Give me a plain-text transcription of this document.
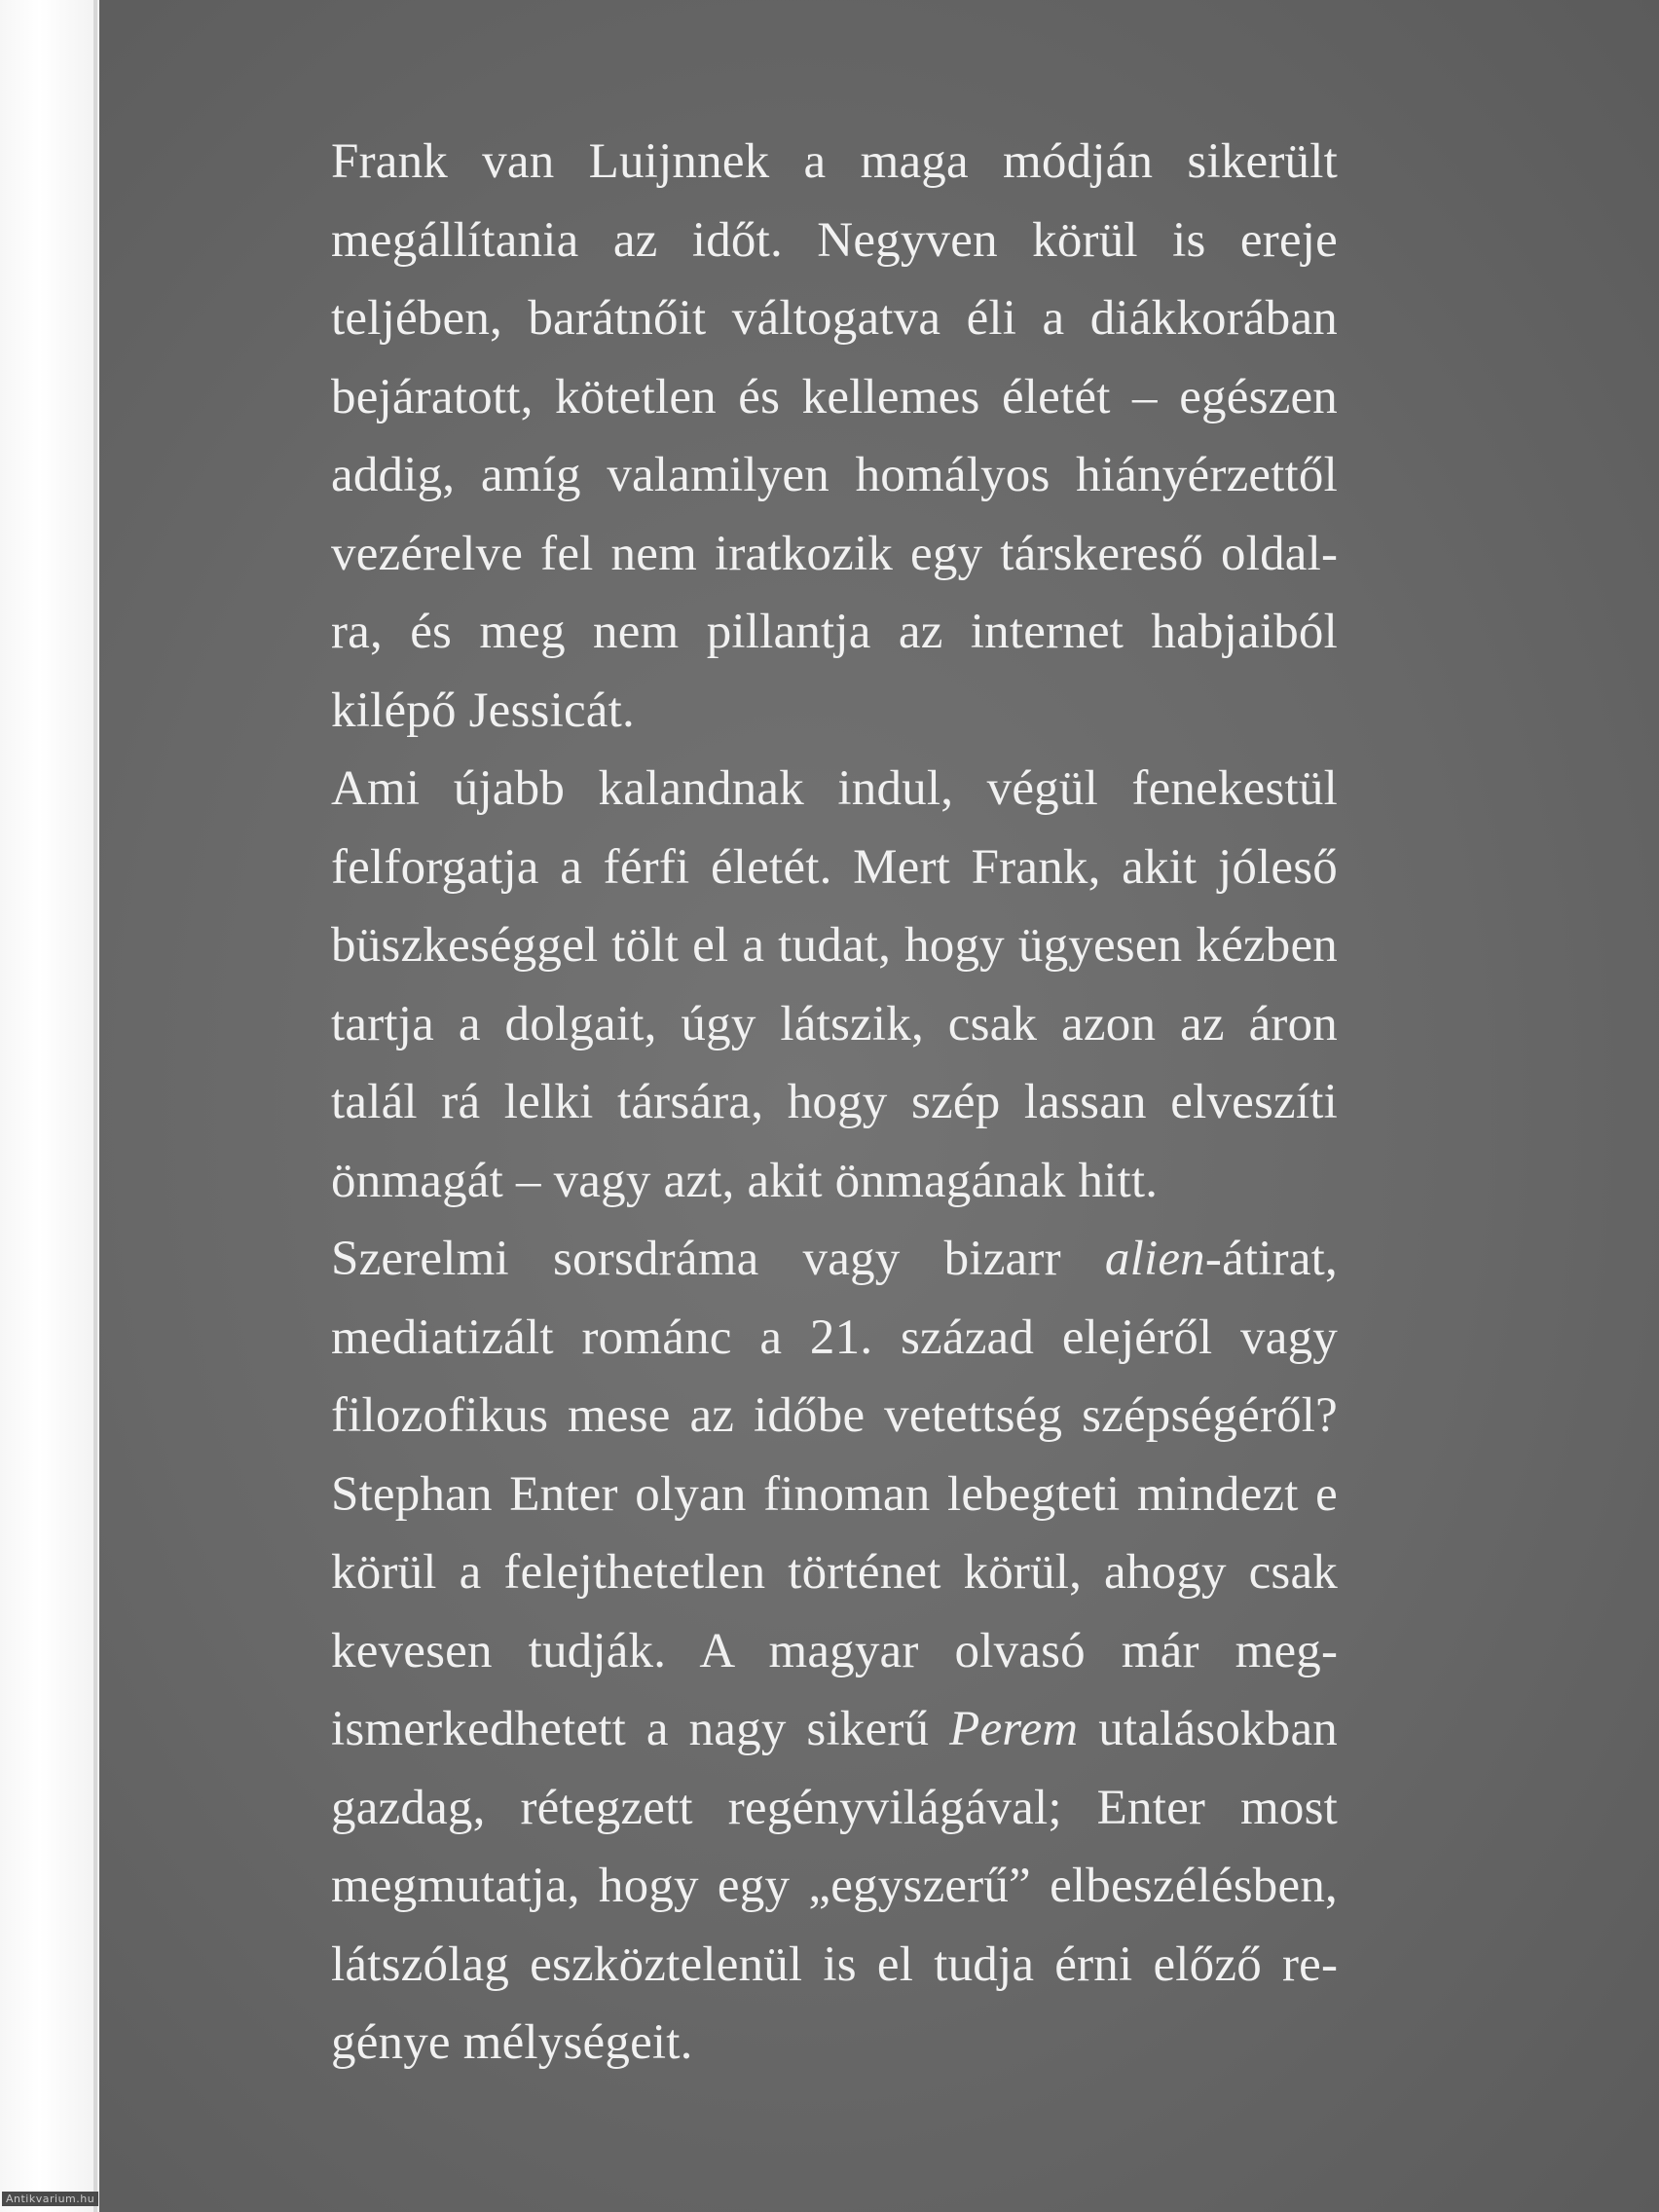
Frank van Luijnnek a maga módján sikerült megállítania az időt. Negyven körül is ereje teljében, barátnőit váltogatva éli a diákkorában bejáratott, kötetlen és kellemes életét – egészen addig, amíg valamilyen homályos hiányérzettől vezérelve fel nem iratkozik egy társkereső oldalra, és meg nem pillantja az internet habjaiból kilépő Jessicát.

Ami újabb kalandnak indul, végül fenekestül felforgatja a férfi életét. Mert Frank, akit jóleső büszkeséggel tölt el a tudat, hogy ügyesen kézben tartja a dolgait, úgy látszik, csak azon az áron talál rá lelki társára, hogy szép lassan elveszíti önmagát – vagy azt, akit önmagának hitt.

Szerelmi sorsdráma vagy bizarr alien-átirat, mediatizált románc a 21. század elejéről vagy filozofikus mese az időbe vetettség szépségéről? Stephan Enter olyan finoman lebegteti mindezt e körül a felejthetetlen történet körül, ahogy csak kevesen tudják. A magyar olvasó már megismerkedhetett a nagy sikerű Perem utalásokban gazdag, rétegzett regényvilágával; Enter most megmutatja, hogy egy „egyszerű” elbeszélésben, látszólag eszköztelenül is el tudja érni előző regénye mélységeit.

Antikvarium.hu
